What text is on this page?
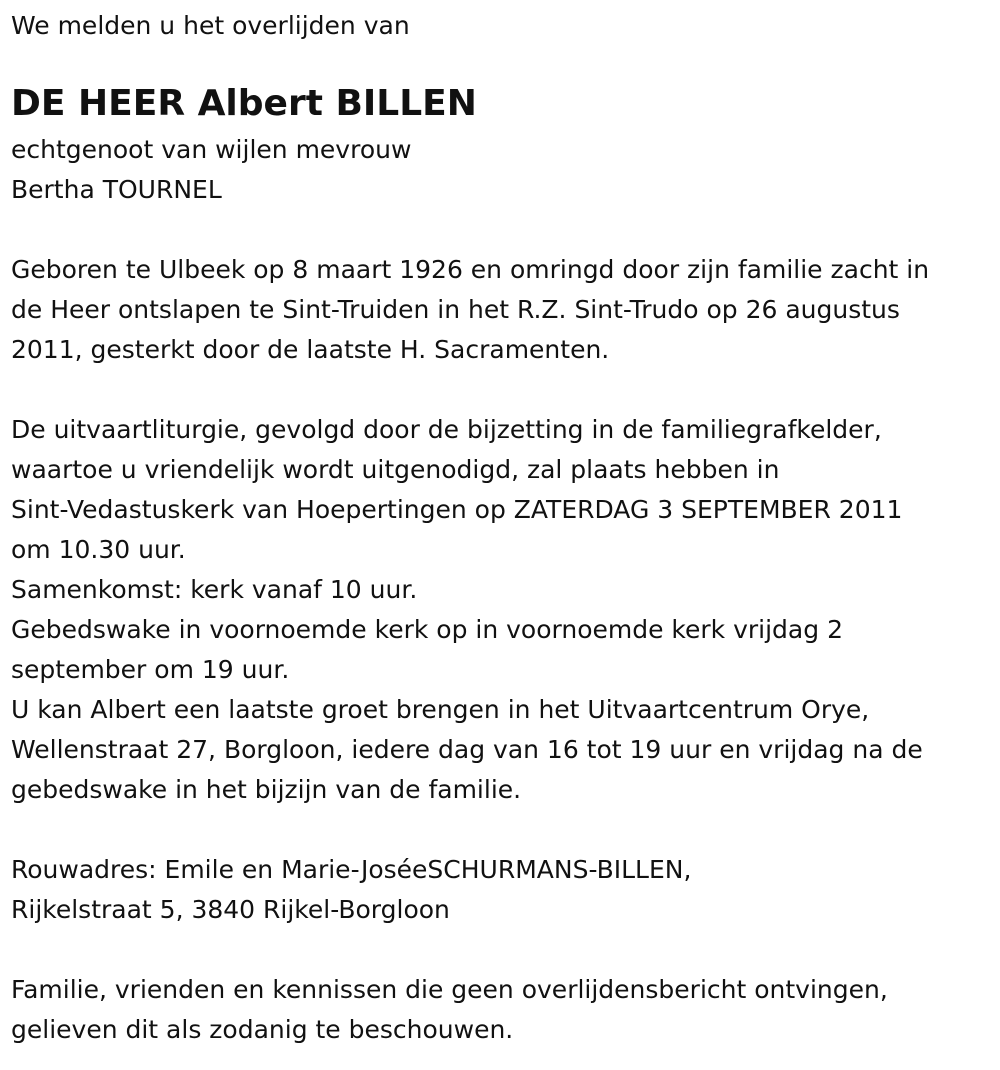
We melden u het overlijden van
DE HEER Albert BILLEN
echtgenoot van wijlen mevrouw
Bertha TOURNEL
Geboren te Ulbeek op 8 maart 1926 en omringd door zijn familie zacht in
de Heer ontslapen te Sint-Truiden in het R.Z. Sint-Trudo op 26 augustus
2011, gesterkt door de laatste H. Sacramenten.
De uitvaartliturgie, gevolgd door de bijzetting in de familiegrafkelder,
waartoe u vriendelijk wordt uitgenodigd, zal plaats hebben in
Sint-Vedastuskerk van Hoepertingen op ZATERDAG 3 SEPTEMBER 2011
om 10.30 uur.
Samenkomst: kerk vanaf 10 uur.
Gebedswake in voornoemde kerk op in voornoemde kerk vrijdag 2
september om 19 uur.
U kan Albert een laatste groet brengen in het Uitvaartcentrum Orye,
Wellenstraat 27, Borgloon, iedere dag van 16 tot 19 uur en vrijdag na de
gebedswake in het bijzijn van de familie.
Rouwadres: Emile en Marie-JoséeSCHURMANS-BILLEN,
Rijkelstraat 5, 3840 Rijkel-Borgloon
Familie, vrienden en kennissen die geen overlijdensbericht ontvingen,
gelieven dit als zodanig te beschouwen.
